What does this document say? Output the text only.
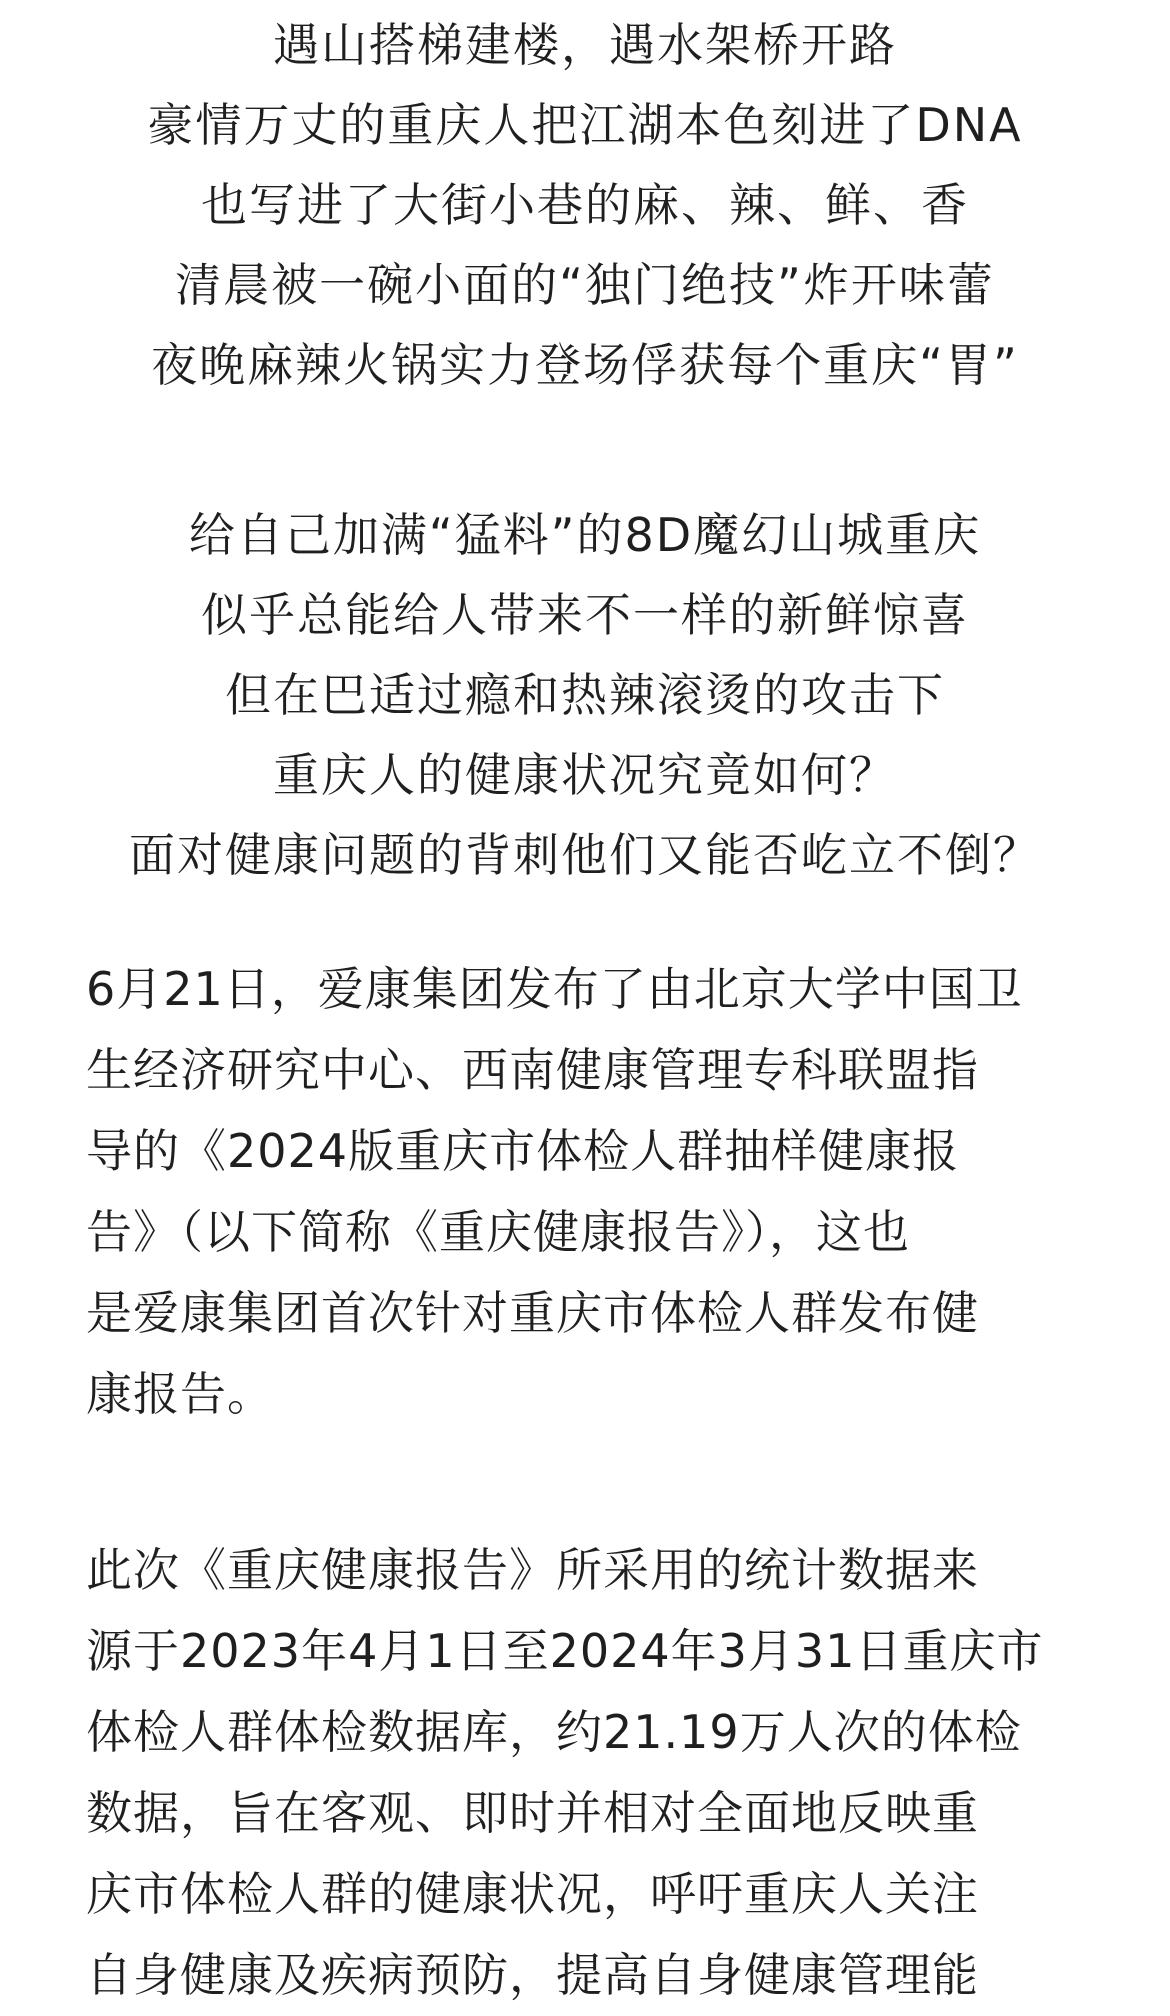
遇山搭梯建楼，遇水架桥开路
豪情万丈的重庆人把江湖本色刻进了DNA
也写进了大街小巷的麻、辣、鲜、香
清晨被一碗小面的“独门绝技”炸开味蕾
夜晚麻辣火锅实力登场俘获每个重庆“胃”
给自己加满“猛料”的8D魔幻山城重庆
似乎总能给人带来不一样的新鲜惊喜
但在巴适过瘾和热辣滚烫的攻击下
重庆人的健康状况究竟如何？
面对健康问题的背刺他们又能否屹立不倒？
6月21日，爱康集团发布了由北京大学中国卫
生经济研究中心、西南健康管理专科联盟指
导的《2024版重庆市体检人群抽样健康报
告》（以下简称《重庆健康报告》），这也
是爱康集团首次针对重庆市体检人群发布健
康报告。
此次《重庆健康报告》所采用的统计数据来
源于2023年4月1日至2024年3月31日重庆市
体检人群体检数据库，约21.19万人次的体检
数据，旨在客观、即时并相对全面地反映重
庆市体检人群的健康状况，呼吁重庆人关注
自身健康及疾病预防，提高自身健康管理能
